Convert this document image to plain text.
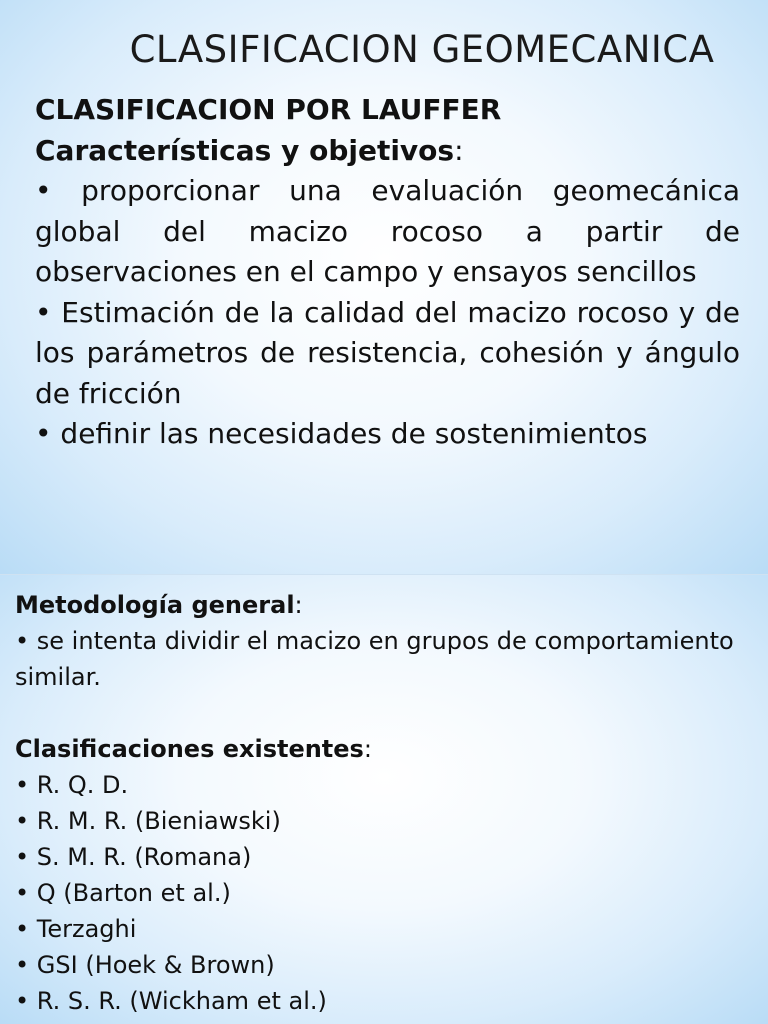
CLASIFICACION GEOMECANICA
CLASIFICACION POR LAUFFER
Características y objetivos:
• proporcionar una evaluación geomecánica global del macizo rocoso a partir de observaciones en el campo y ensayos sencillos
• Estimación de la calidad del macizo rocoso y de los parámetros de resistencia, cohesión y ángulo de fricción
• definir las necesidades de sostenimientos
Metodología general:
• se intenta dividir el macizo en grupos de comportamiento similar.
Clasificaciones existentes:
• R. Q. D.
• R. M. R. (Bieniawski)
• S. M. R. (Romana)
• Q (Barton et al.)
• Terzaghi
• GSI (Hoek & Brown)
• R. S. R. (Wickham et al.)
